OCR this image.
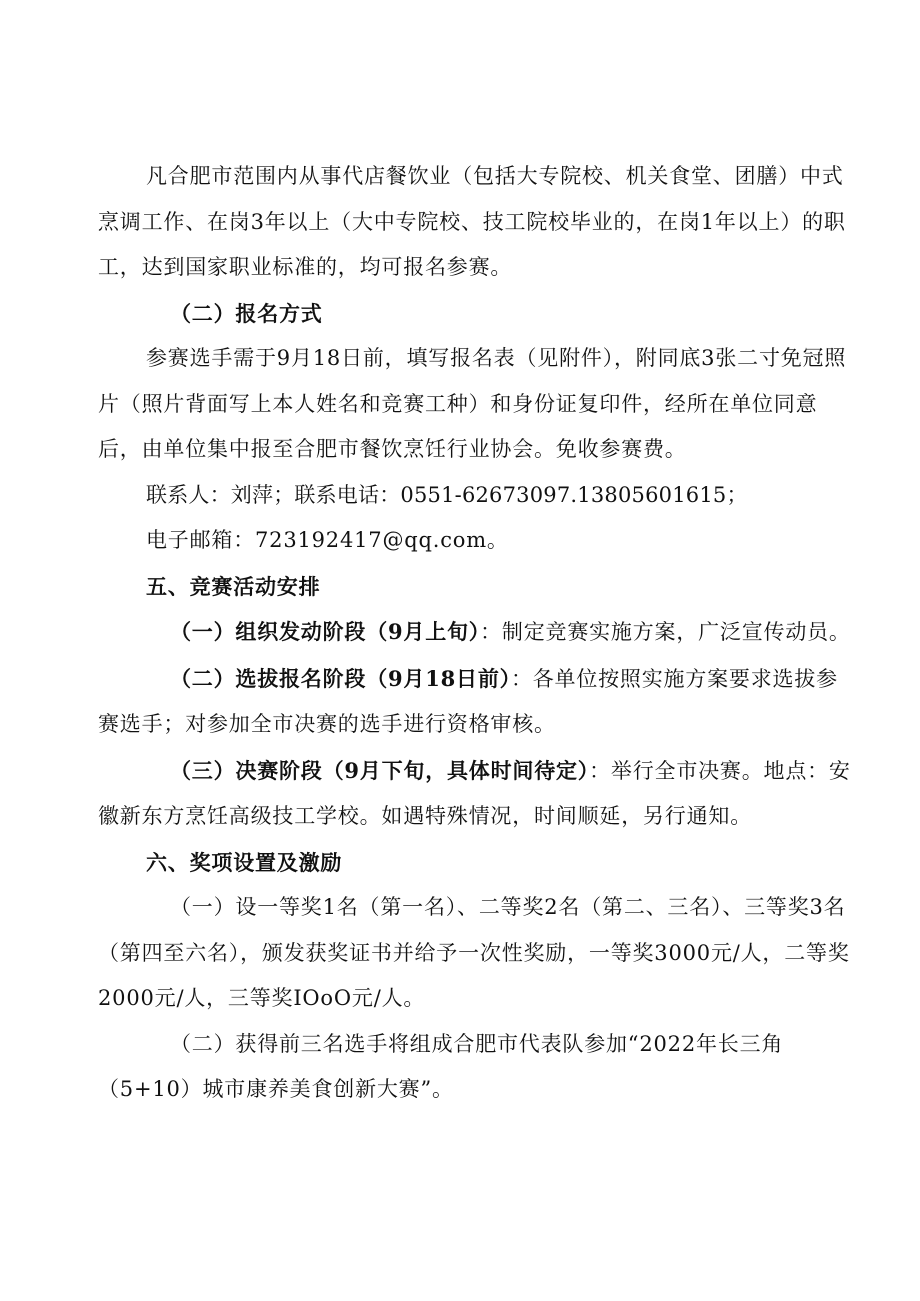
凡合肥市范围内从事代店餐饮业（包括大专院校、机关食堂、团膳）中式烹调工作、在岗3年以上（大中专院校、技工院校毕业的，在岗1年以上）的职工，达到国家职业标准的，均可报名参赛。

（二）报名方式

参赛选手需于9月18日前，填写报名表（见附件），附同底3张二寸免冠照片（照片背面写上本人姓名和竞赛工种）和身份证复印件，经所在单位同意后，由单位集中报至合肥市餐饮烹饪行业协会。免收参赛费。

联系人：刘萍；联系电话：0551-62673097.13805601615；

电子邮箱：723192417@qq.com。

五、竞赛活动安排

（一）组织发动阶段（9月上旬）：制定竞赛实施方案，广泛宣传动员。

（二）选拔报名阶段（9月18日前）：各单位按照实施方案要求选拔参赛选手；对参加全市决赛的选手进行资格审核。

（三）决赛阶段（9月下旬，具体时间待定）：举行全市决赛。地点：安徽新东方烹饪高级技工学校。如遇特殊情况，时间顺延，另行通知。

六、奖项设置及激励

（一）设一等奖1名（第一名）、二等奖2名（第二、三名）、三等奖3名（第四至六名），颁发获奖证书并给予一次性奖励，一等奖3000元/人，二等奖2000元/人，三等奖IOoO元/人。

（二）获得前三名选手将组成合肥市代表队参加“2022年长三角（5+10）城市康养美食创新大赛”。
